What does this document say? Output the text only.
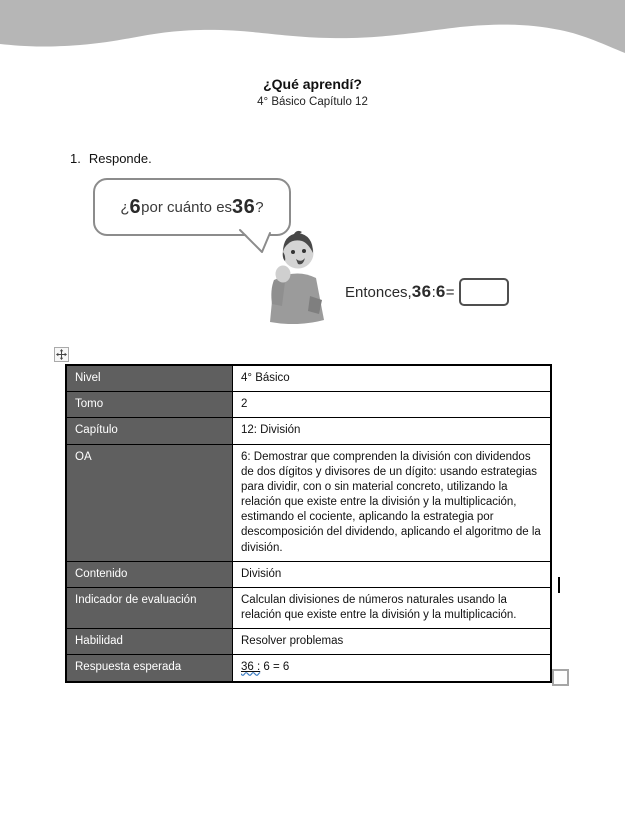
¿Qué aprendí?
4° Básico Capítulo 12
1. Responde.
¿ 6 por cuánto es 36 ?
Entonces, 36 : 6 =
Nivel	4° Básico
Tomo	2
Capítulo	12: División
OA	6: Demostrar que comprenden la división con dividendos de dos dígitos y divisores de un dígito: usando estrategias para dividir, con o sin material concreto, utilizando la relación que existe entre la división y la multiplicación, estimando el cociente, aplicando la estrategia por descomposición del dividendo, aplicando el algoritmo de la división.
Contenido	División
Indicador de evaluación	Calculan divisiones de números naturales usando la relación que existe entre la división y la multiplicación.
Habilidad	Resolver problemas
Respuesta esperada	36 : 6 = 6
